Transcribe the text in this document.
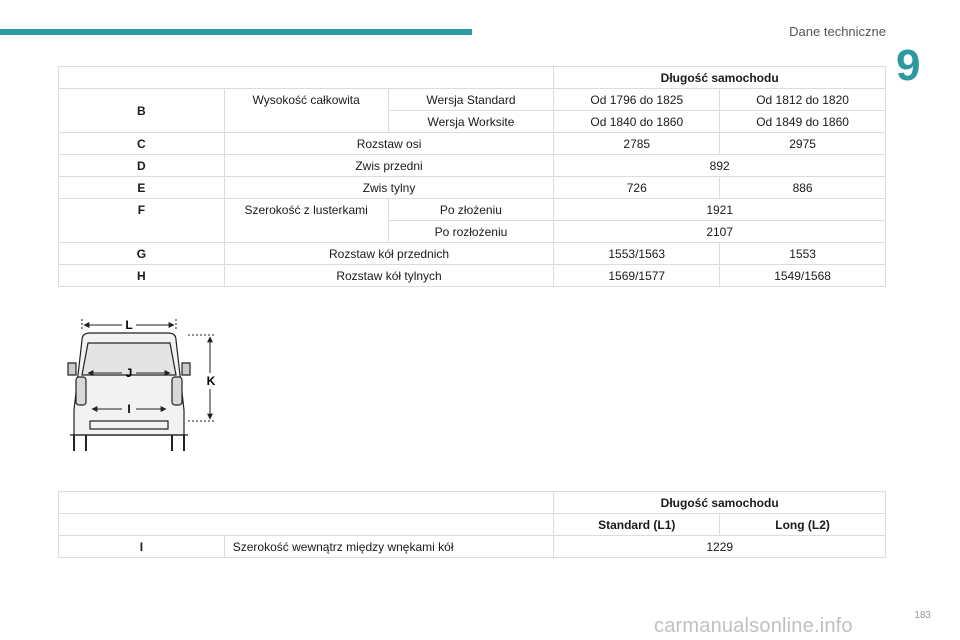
Dane techniczne
9
			Długość samochodu	
B	Wysokość całkowita	Wersja Standard	Od 1796 do 1825	Od 1812 do 1820
		Wersja Worksite	Od 1840 do 1860	Od 1849 do 1860
C	Rozstaw osi		2785	2975
D	Zwis przedni		892	
E	Zwis tylny		726	886
F	Szerokość z lusterkami	Po złożeniu	1921	
		Po rozłożeniu	2107	
G	Rozstaw kół przednich		1553/1563	1553
H	Rozstaw kół tylnych		1569/1577	1549/1568
L
J
I
K
		Długość samochodu	
		Standard (L1)	Long (L2)
I	Szerokość wewnątrz między wnękami kół	1229	
183
carmanualsonline.info
